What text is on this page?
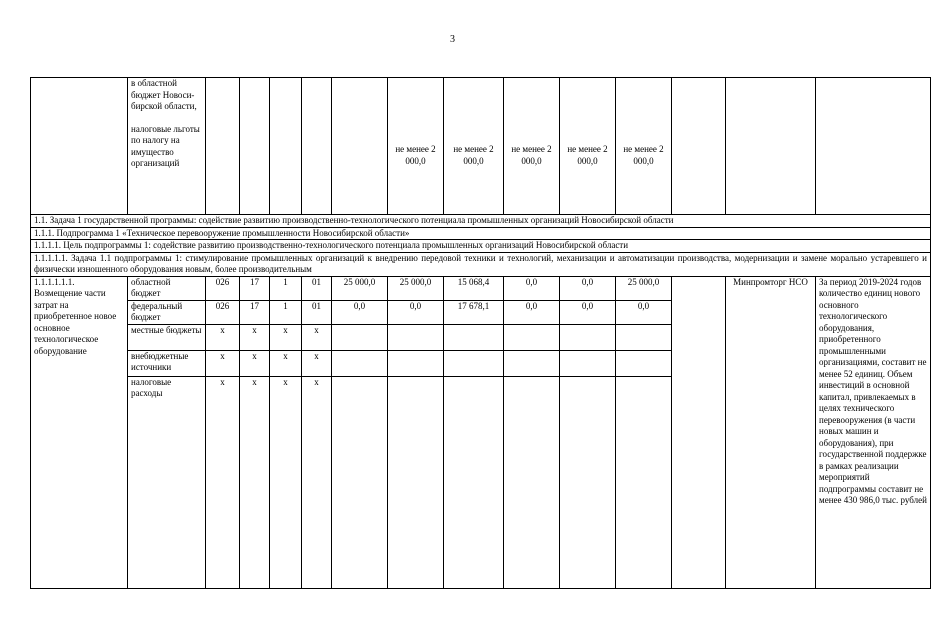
3
	в областной бюджет Новоси-бирской области,
налоговые льготы по налогу на имущество организаций						не менее 2 000,0	не менее 2 000,0	не менее 2 000,0	не менее 2 000,0	не менее 2 000,0			
1.1. Задача 1 государственной программы: содействие развитию производственно-технологического потенциала промышленных организаций Новосибирской области														
1.1.1. Подпрограмма 1 «Техническое перевооружение промышленности Новосибирской области»														
1.1.1.1. Цель подпрограммы 1: содействие развитию производственно-технологического потенциала промышленных организаций Новосибирской области														
1.1.1.1.1. Задача 1.1 подпрограммы 1: стимулирование промышленных организаций к внедрению передовой техники и технологий, механизации и автоматизации производства, модернизации и замене морально устаревшего и физически изношенного оборудования новым, более производительным														
1.1.1.1.1.1. Возмещение части затрат на приобретенное новое основное технологическое оборудование	областной бюджет	026	17	1	01	25 000,0	25 000,0	15 068,4	0,0	0,0	25 000,0		Минпромторг НСО	За период 2019-2024 годов количество единиц нового основного технологического оборудования, приобретенного промышленными организациями, составит не менее 52 единиц. Объем инвестиций в основной капитал, привлекаемых в целях технического перевооружения (в части новых машин и оборудования), при государственной поддержке в рамках реализации мероприятий подпрограммы составит не менее 430 986,0 тыс. рублей
	федеральный бюджет	026	17	1	01	0,0	0,0	17 678,1	0,0	0,0	0,0			
	местные бюджеты	x	x	x	x									
	внебюджетные источники	x	x	x	x									
	налоговые расходы	x	x	x	x									
